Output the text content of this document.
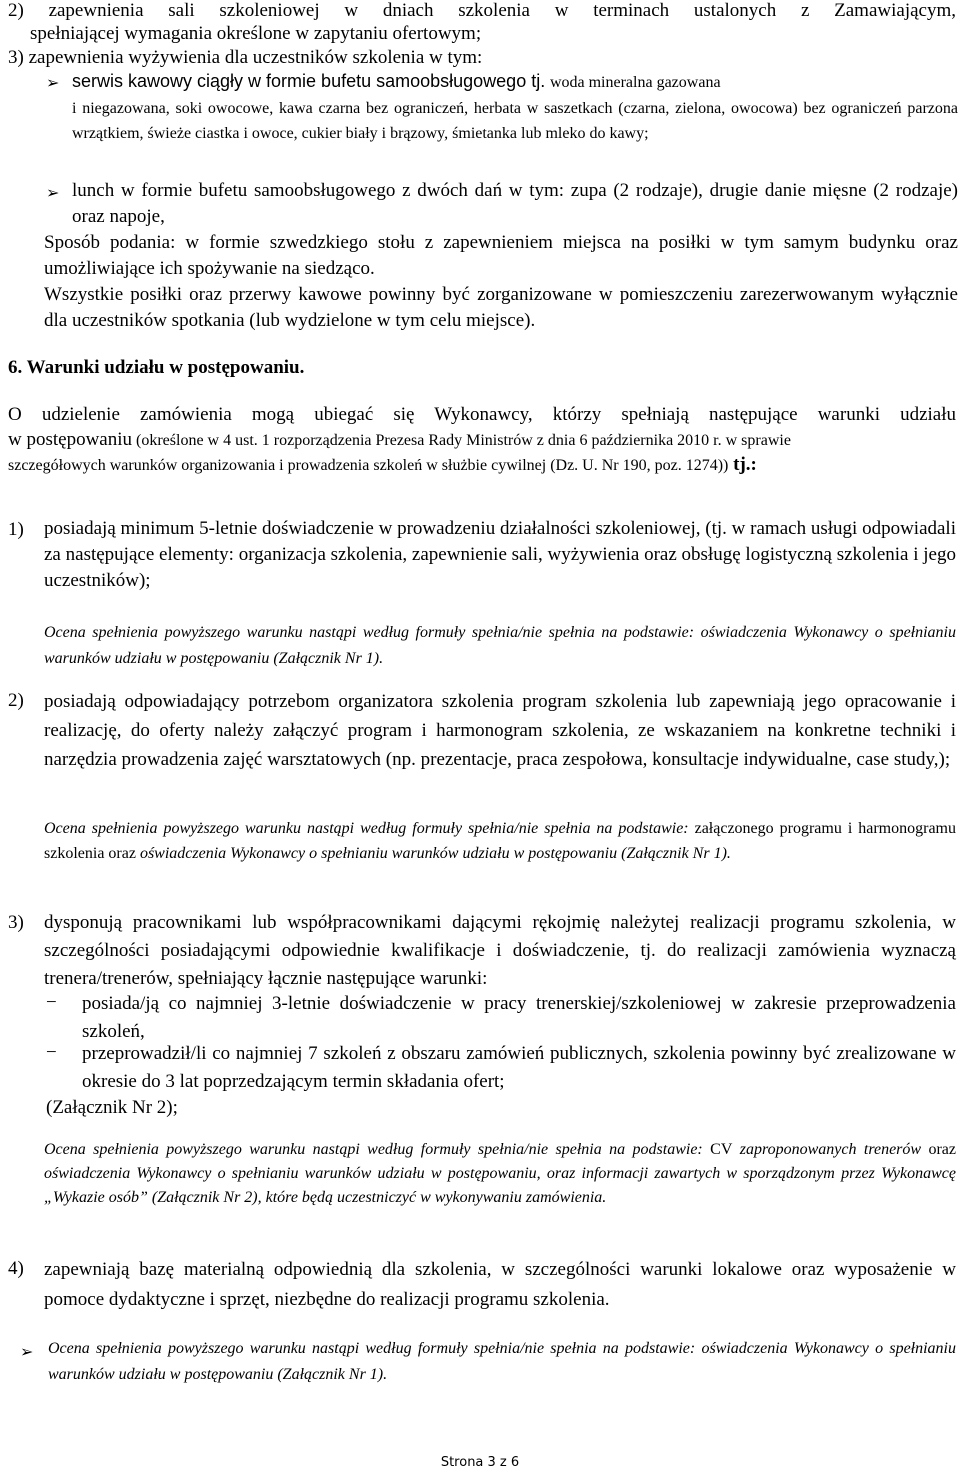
2) zapewnienia sali szkoleniowej w dniach szkolenia w terminach ustalonych z Zamawiającym,

spełniającej wymagania określone w zapytaniu ofertowym;

3) zapewnienia wyżywienia dla uczestników szkolenia w tym:

➢ serwis kawowy ciągły w formie bufetu samoobsługowego tj. woda mineralna gazowana

i niegazowana, soki owocowe, kawa czarna bez ograniczeń, herbata w saszetkach (czarna, zielona, owocowa) bez ograniczeń parzona wrzątkiem, świeże ciastka i owoce, cukier biały i brązowy, śmietanka lub mleko do kawy;

➢ lunch w formie bufetu samoobsługowego z dwóch dań w tym: zupa (2 rodzaje), drugie danie mięsne (2 rodzaje) oraz napoje,

Sposób podania: w formie szwedzkiego stołu z zapewnieniem miejsca na posiłki w tym samym budynku oraz umożliwiające ich spożywanie na siedząco.

Wszystkie posiłki oraz przerwy kawowe powinny być zorganizowane w pomieszczeniu zarezerwowanym wyłącznie dla uczestników spotkania (lub wydzielone w tym celu miejsce).

6. Warunki udziału w postępowaniu.

O udzielenie zamówienia mogą ubiegać się Wykonawcy, którzy spełniają następujące warunki udziału

w postępowaniu (określone w 4 ust. 1 rozporządzenia Prezesa Rady Ministrów z dnia 6 października 2010 r. w sprawie
szczegółowych warunków organizowania i prowadzenia szkoleń w służbie cywilnej (Dz. U. Nr 190, poz. 1274)) tj.:
1) posiadają minimum 5-letnie doświadczenie w prowadzeniu działalności szkoleniowej, (tj. w ramach usługi odpowiadali za następujące elementy: organizacja szkolenia, zapewnienie sali, wyżywienia oraz obsługę logistyczną szkolenia i jego uczestników);

Ocena spełnienia powyższego warunku nastąpi według formuły spełnia/nie spełnia na podstawie: oświadczenia Wykonawcy o spełnianiu warunków udziału w postępowaniu (Załącznik Nr 1).

2) posiadają odpowiadający potrzebom organizatora szkolenia program szkolenia lub zapewniają jego opracowanie i realizację, do oferty należy załączyć program i harmonogram szkolenia, ze wskazaniem na konkretne techniki i narzędzia prowadzenia zajęć warsztatowych (np. prezentacje, praca zespołowa, konsultacje indywidualne, case study,);

Ocena spełnienia powyższego warunku nastąpi według formuły spełnia/nie spełnia na podstawie: załączonego programu i harmonogramu szkolenia oraz oświadczenia Wykonawcy o spełnianiu warunków udziału w postępowaniu (Załącznik Nr 1).

3) dysponują pracownikami lub współpracownikami dającymi rękojmię należytej realizacji programu szkolenia, w szczególności posiadającymi odpowiednie kwalifikacje i doświadczenie, tj. do realizacji zamówienia wyznaczą trenera/trenerów, spełniający łącznie następujące warunki:

− posiada/ją co najmniej 3-letnie doświadczenie w pracy trenerskiej/szkoleniowej w zakresie przeprowadzenia szkoleń,

− przeprowadził/li co najmniej 7 szkoleń z obszaru zamówień publicznych, szkolenia powinny być zrealizowane w okresie do 3 lat poprzedzającym termin składania ofert;

(Załącznik Nr 2);

Ocena spełnienia powyższego warunku nastąpi według formuły spełnia/nie spełnia na podstawie: CV zaproponowanych trenerów oraz oświadczenia Wykonawcy o spełnianiu warunków udziału w postępowaniu, oraz informacji zawartych w sporządzonym przez Wykonawcę „Wykazie osób” (Załącznik Nr 2), które będą uczestniczyć w wykonywaniu zamówienia.

4) zapewniają bazę materialną odpowiednią dla szkolenia, w szczególności warunki lokalowe oraz wyposażenie w pomoce dydaktyczne i sprzęt, niezbędne do realizacji programu szkolenia.

➢ Ocena spełnienia powyższego warunku nastąpi według formuły spełnia/nie spełnia na podstawie: oświadczenia Wykonawcy o spełnianiu warunków udziału w postępowaniu (Załącznik Nr 1).

Strona 3 z 6
